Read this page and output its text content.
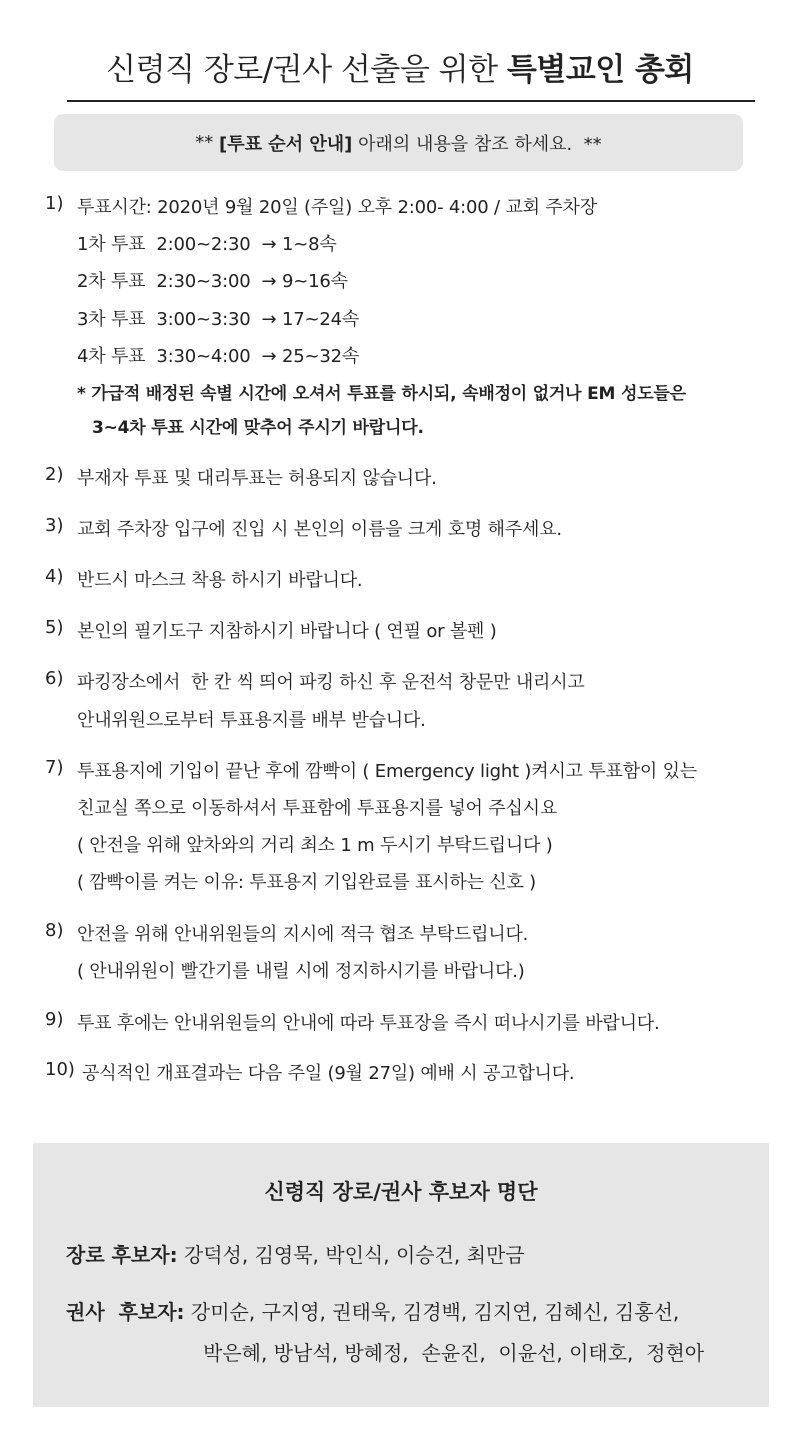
신령직 장로/권사 선출을 위한 특별교인 총회
** [투표 순서 안내] 아래의 내용을 참조 하세요.  **
1) 투표시간: 2020년 9월 20일 (주일) 오후 2:00- 4:00 / 교회 주차장
1차 투표  2:00~2:30  → 1~8속
2차 투표  2:30~3:00  → 9~16속
3차 투표  3:00~3:30  → 17~24속
4차 투표  3:30~4:00  → 25~32속
* 가급적 배정된 속별 시간에 오셔서 투표를 하시되, 속배정이 없거나 EM 성도들은
3~4차 투표 시간에 맞추어 주시기 바랍니다.
2) 부재자 투표 및 대리투표는 허용되지 않습니다.
3) 교회 주차장 입구에 진입 시 본인의 이름을 크게 호명 해주세요.
4) 반드시 마스크 착용 하시기 바랍니다.
5) 본인의 필기도구 지참하시기 바랍니다 ( 연필 or 볼펜 )
6) 파킹장소에서  한 칸 씩 띄어 파킹 하신 후 운전석 창문만 내리시고
안내위원으로부터 투표용지를 배부 받습니다.
7) 투표용지에 기입이 끝난 후에 깜빡이 ( Emergency light )켜시고 투표함이 있는
친교실 쪽으로 이동하셔서 투표함에 투표용지를 넣어 주십시요
( 안전을 위해 앞차와의 거리 최소 1 m 두시기 부탁드립니다 )
( 깜빡이를 켜는 이유: 투표용지 기입완료를 표시하는 신호 )
8) 안전을 위해 안내위원들의 지시에 적극 협조 부탁드립니다.
( 안내위원이 빨간기를 내릴 시에 정지하시기를 바랍니다.)
9) 투표 후에는 안내위원들의 안내에 따라 투표장을 즉시 떠나시기를 바랍니다.
10) 공식적인 개표결과는 다음 주일 (9월 27일) 예배 시 공고합니다.
신령직 장로/권사 후보자 명단
장로 후보자: 강덕성, 김영묵, 박인식, 이승건, 최만금
권사  후보자: 강미순, 구지영, 권태욱, 김경백, 김지연, 김혜신, 김홍선,
박은혜, 방남석, 방혜정,  손윤진,  이윤선, 이태호,  정현아
